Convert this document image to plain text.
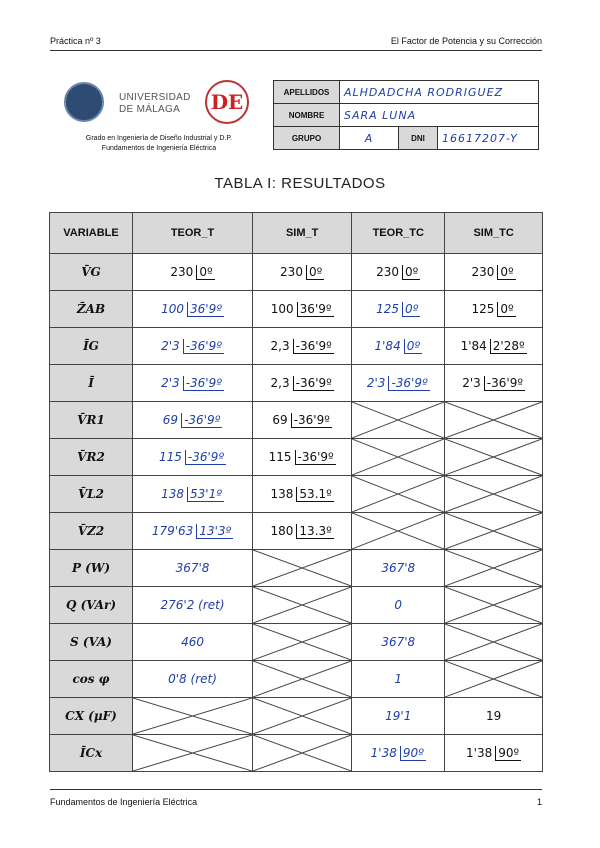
Práctica nº 3	El Factor de Potencia y su Corrección
UNIVERSIDAD
DE MÁLAGA	DE
Grado en Ingeniería de Diseño Industrial y D.P.
Fundamentos de Ingeniería Eléctrica
APELLIDOS	ALHDADCHA RODRIGUEZ		
NOMBRE	SARA LUNA		
GRUPO	A	DNI	16617207-Y
TABLA I: RESULTADOS
VARIABLE	TEOR_T	SIM_T	TEOR_TC	SIM_TC
V̄G	230 0º	230 0º	230 0º	230 0º
Z̄AB	100 36'9º	100 36'9º	125 0º	125 0º
ĪG	2'3 -36'9º	2,3 -36'9º	1'84 0º	1'84 2'28º
Ī	2'3 -36'9º	2,3 -36'9º	2'3 -36'9º	2'3 -36'9º
V̄R1	69 -36'9º	69 -36'9º	

V̄R2	115 -36'9º	115 -36'9º	

V̄L2	138 53'1º	138 53.1º	

V̄Z2	179'63 13'3º	180 13.3º	

P (W)	367'8		367'8	

Q (VAr)	276'2 (ret)		0	

S (VA)	460		367'8	

cos φ	0'8 (ret)		1	

CX (μF)			19'1	19
ĪCx			1'38 90º	1'38 90º
Fundamentos de Ingeniería Eléctrica	1
